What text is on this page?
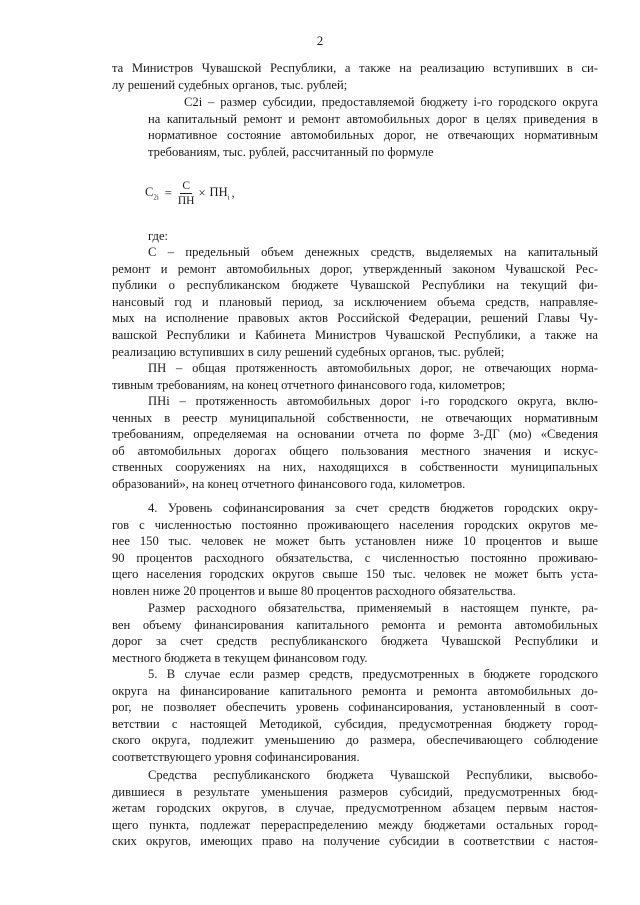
2
та Министров Чувашской Республики, а также на реализацию вступивших в си-
лу решений судебных органов, тыс. рублей;
С2i – размер субсидии, предоставляемой бюджету i-го городского округа
на капитальный ремонт и ремонт автомобильных дорог в целях приведения в
нормативное состояние автомобильных дорог, не отвечающих нормативным
требованиям, тыс. рублей, рассчитанный по формуле
$С_{2i} = \frac{С}{ПН} \times ПН_i$ ,
где:
С – предельный объем денежных средств, выделяемых на капитальный
ремонт и ремонт автомобильных дорог, утвержденный законом Чувашской Рес-
публики о республиканском бюджете Чувашской Республики на текущий фи-
нансовый год и плановый период, за исключением объема средств, направляе-
мых на исполнение правовых актов Российской Федерации, решений Главы Чу-
вашской Республики и Кабинета Министров Чувашской Республики, а также на
реализацию вступивших в силу решений судебных органов, тыс. рублей;
ПН – общая протяженность автомобильных дорог, не отвечающих норма-
тивным требованиям, на конец отчетного финансового года, километров;
ПНi – протяженность автомобильных дорог i-го городского округа, вклю-
ченных в реестр муниципальной собственности, не отвечающих нормативным
требованиям, определяемая на основании отчета по форме 3-ДГ (мо) «Сведения
об автомобильных дорогах общего пользования местного значения и искус-
ственных сооружениях на них, находящихся в собственности муниципальных
образований», на конец отчетного финансового года, километров.
4. Уровень софинансирования за счет средств бюджетов городских окру-
гов с численностью постоянно проживающего населения городских округов ме-
нее 150 тыс. человек не может быть установлен ниже 10 процентов и выше
90 процентов расходного обязательства, с численностью постоянно проживаю-
щего населения городских округов свыше 150 тыс. человек не может быть уста-
новлен ниже 20 процентов и выше 80 процентов расходного обязательства.
Размер расходного обязательства, применяемый в настоящем пункте, ра-
вен объему финансирования капитального ремонта и ремонта автомобильных
дорог за счет средств республиканского бюджета Чувашской Республики и
местного бюджета в текущем финансовом году.
5. В случае если размер средств, предусмотренных в бюджете городского
округа на финансирование капитального ремонта и ремонта автомобильных до-
рог, не позволяет обеспечить уровень софинансирования, установленный в соот-
ветствии с настоящей Методикой, субсидия, предусмотренная бюджету город-
ского округа, подлежит уменьшению до размера, обеспечивающего соблюдение
соответствующего уровня софинансирования.
Средства республиканского бюджета Чувашской Республики, высвобо-
дившиеся в результате уменьшения размеров субсидий, предусмотренных бюд-
жетам городских округов, в случае, предусмотренном абзацем первым настоя-
щего пункта, подлежат перераспределению между бюджетами остальных город-
ских округов, имеющих право на получение субсидии в соответствии с настоя-
